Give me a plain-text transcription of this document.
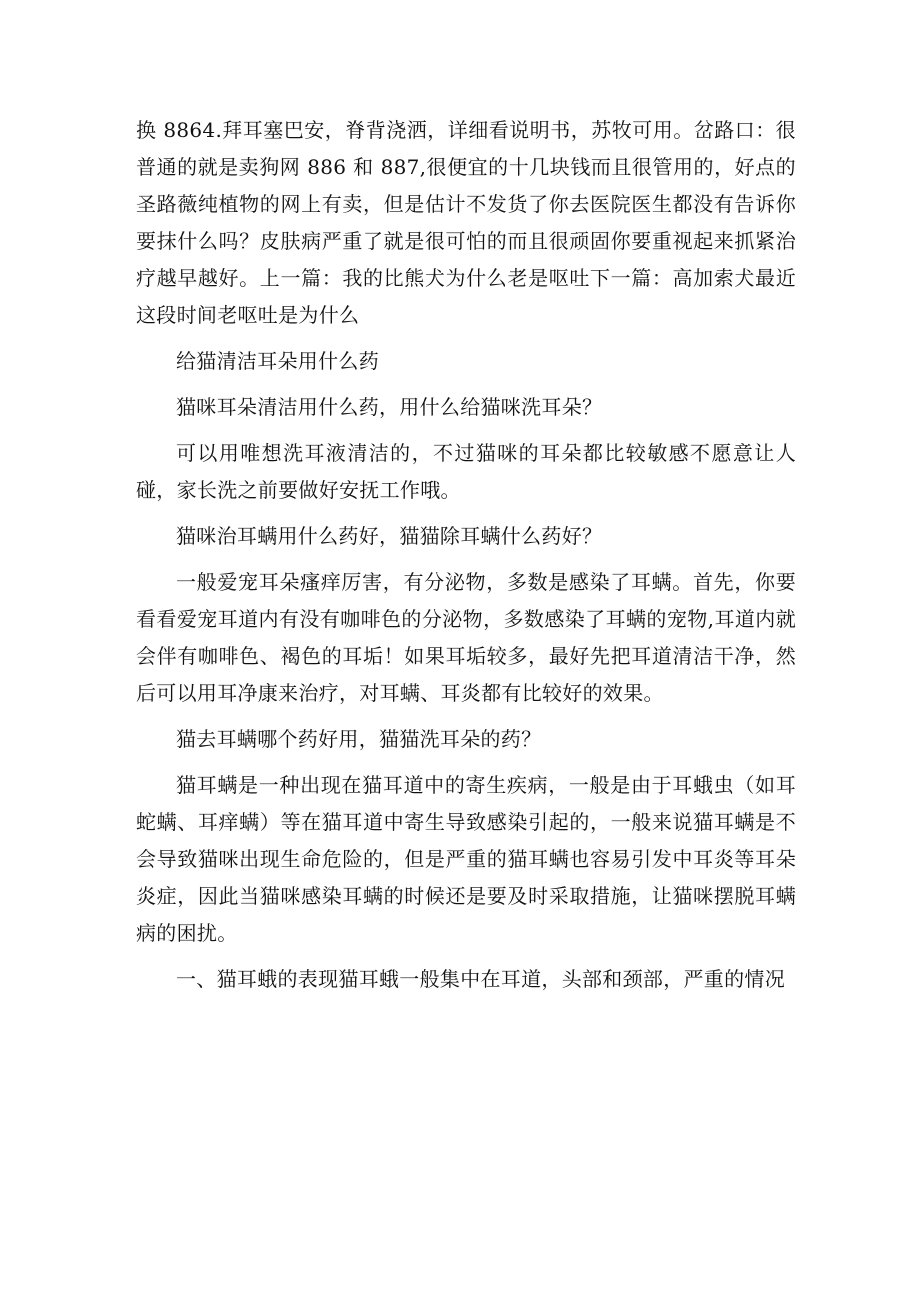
换 8864.拜耳塞巴安，脊背浇洒，详细看说明书，苏牧可用。岔路口：很普通的就是卖狗网 886 和 887,很便宜的十几块钱而且很管用的，好点的圣路薇纯植物的网上有卖，但是估计不发货了你去医院医生都没有告诉你要抹什么吗？皮肤病严重了就是很可怕的而且很顽固你要重视起来抓紧治疗越早越好。上一篇：我的比熊犬为什么老是呕吐下一篇：高加索犬最近这段时间老呕吐是为什么

给猫清洁耳朵用什么药

猫咪耳朵清洁用什么药，用什么给猫咪洗耳朵？

可以用唯想洗耳液清洁的，不过猫咪的耳朵都比较敏感不愿意让人碰，家长洗之前要做好安抚工作哦。

猫咪治耳螨用什么药好，猫猫除耳螨什么药好？

一般爱宠耳朵瘙痒厉害，有分泌物，多数是感染了耳螨。首先，你要看看爱宠耳道内有没有咖啡色的分泌物，多数感染了耳螨的宠物,耳道内就会伴有咖啡色、褐色的耳垢！如果耳垢较多，最好先把耳道清洁干净，然后可以用耳净康来治疗，对耳螨、耳炎都有比较好的效果。

猫去耳螨哪个药好用，猫猫洗耳朵的药？

猫耳螨是一种出现在猫耳道中的寄生疾病，一般是由于耳蛾虫（如耳蛇螨、耳痒螨）等在猫耳道中寄生导致感染引起的，一般来说猫耳螨是不会导致猫咪出现生命危险的，但是严重的猫耳螨也容易引发中耳炎等耳朵炎症，因此当猫咪感染耳螨的时候还是要及时采取措施，让猫咪摆脱耳螨病的困扰。

一、猫耳蛾的表现猫耳蛾一般集中在耳道，头部和颈部，严重的情况
